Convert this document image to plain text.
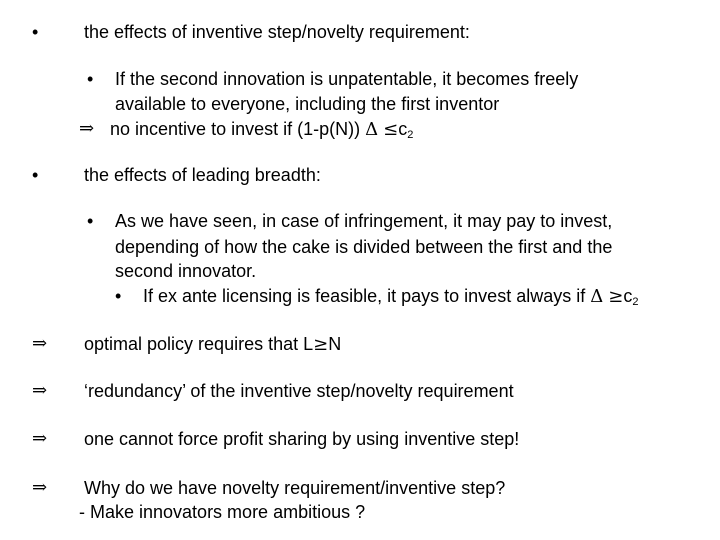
•	the effects of inventive step/novelty requirement:
• If the second innovation is unpatentable, it becomes freely
available to everyone, including the first inventor
⇒ no incentive to invest if (1-p(N)) $\Delta \le c_2$
•	the effects of leading breadth:
• As we have seen, in case of infringement, it may pay to invest,
depending of how the cake is divided between the first and the
second innovator.
• If ex ante licensing is feasible, it pays to invest always if $\Delta \ge c_2$
⇒ optimal policy requires that L≥N
⇒ ‘redundancy’ of the inventive step/novelty requirement
⇒ one cannot force profit sharing by using inventive step!
⇒ Why do we have novelty requirement/inventive step?
- Make innovators more ambitious ?
